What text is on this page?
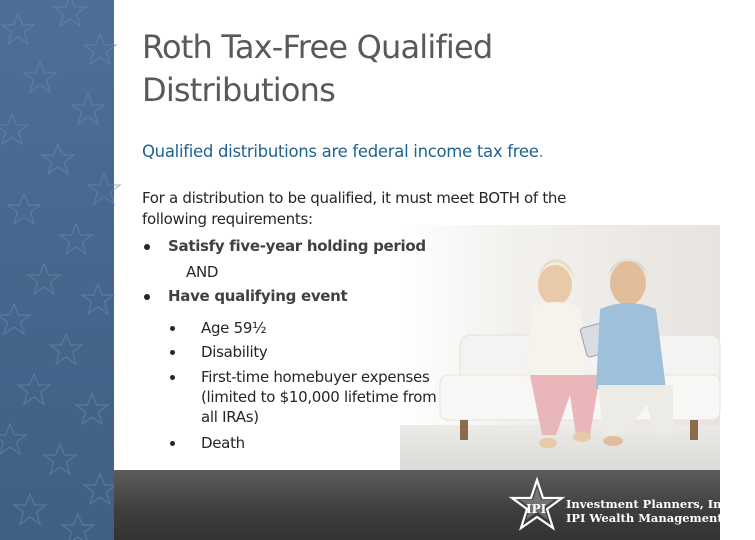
IPI Investment Planners, Inc.
IPI Wealth Management, Inc.
Roth Tax-Free Qualified Distributions
Qualified distributions are federal income tax free.
For a distribution to be qualified, it must meet BOTH of the following requirements:
Satisfy five-year holding period
AND
Have qualifying event
Age 59½
Disability
First-time homebuyer expenses (limited to $10,000 lifetime from all IRAs)
Death
